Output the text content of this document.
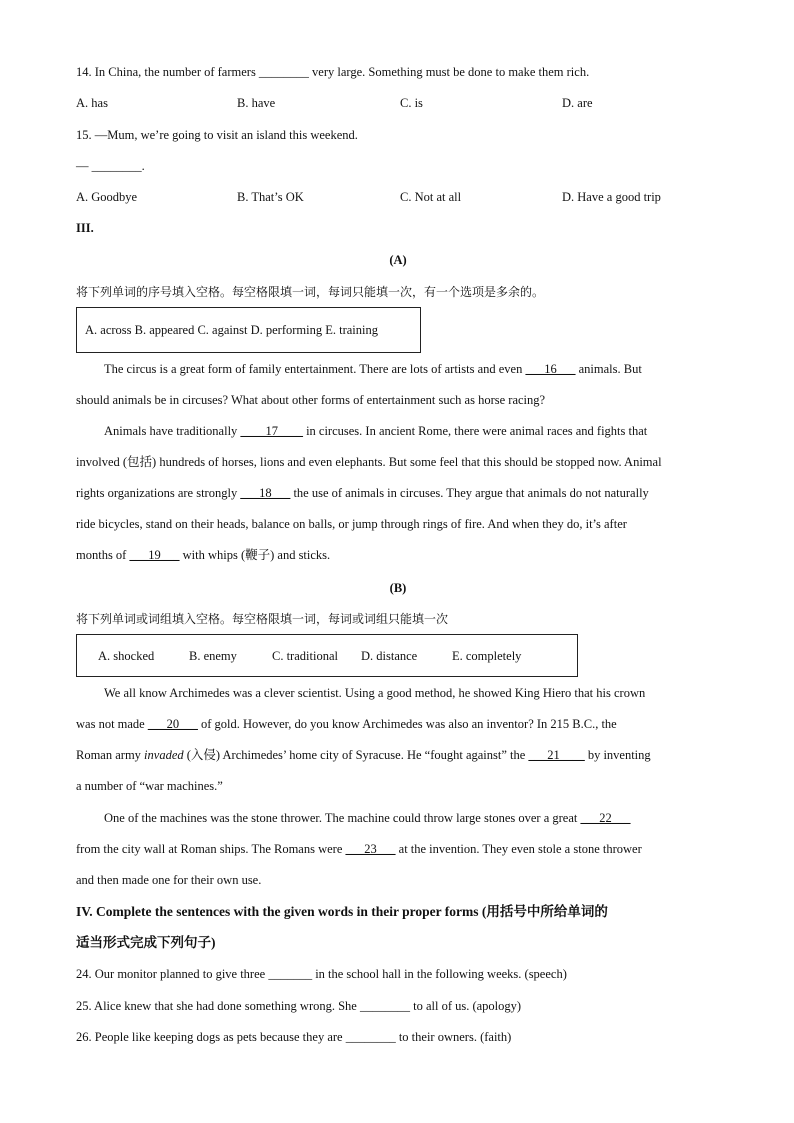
14. In China, the number of farmers ________ very large. Something must be done to make them rich.
A. has	B. have	C. is	D. are
15. —Mum, we’re going to visit an island this weekend.
— ________.
A. Goodbye	B. That’s OK	C. Not at all	D. Have a good trip
III.
(A)
将下列单词的序号填入空格。每空格限填一词，每词只能填一次，有一个选项是多余的。
A. across B. appeared C. against D. performing E. training
The circus is a great form of family entertainment. There are lots of artists and even ___16___ animals. But
should animals be in circuses? What about other forms of entertainment such as horse racing?
Animals have traditionally ____17____ in circuses. In ancient Rome, there were animal races and fights that
involved (包括) hundreds of horses, lions and even elephants. But some feel that this should be stopped now. Animal
rights organizations are strongly ___18___ the use of animals in circuses. They argue that animals do not naturally
ride bicycles, stand on their heads, balance on balls, or jump through rings of fire. And when they do, it’s after
months of ___19___ with whips (鞭子) and sticks.
(B)
将下列单词或词组填入空格。每空格限填一词，每词或词组只能填一次
A. shocked	B. enemy	C. traditional D. distance	E. completely
We all know Archimedes was a clever scientist. Using a good method, he showed King Hiero that his crown
was not made ___20___ of gold. However, do you know Archimedes was also an inventor? In 215 B.C., the
Roman army invaded (入侵) Archimedes’ home city of Syracuse. He “fought against” the ___21____ by inventing
a number of “war machines.”
One of the machines was the stone thrower. The machine could throw large stones over a great ___22___
from the city wall at Roman ships. The Romans were ___23___ at the invention. They even stole a stone thrower
and then made one for their own use.
IV. Complete the sentences with the given words in their proper forms (用括号中所给单词的
适当形式完成下列句子)
24. Our monitor planned to give three _______ in the school hall in the following weeks. (speech)
25. Alice knew that she had done something wrong. She ________ to all of us. (apology)
26. People like keeping dogs as pets because they are ________ to their owners. (faith)
